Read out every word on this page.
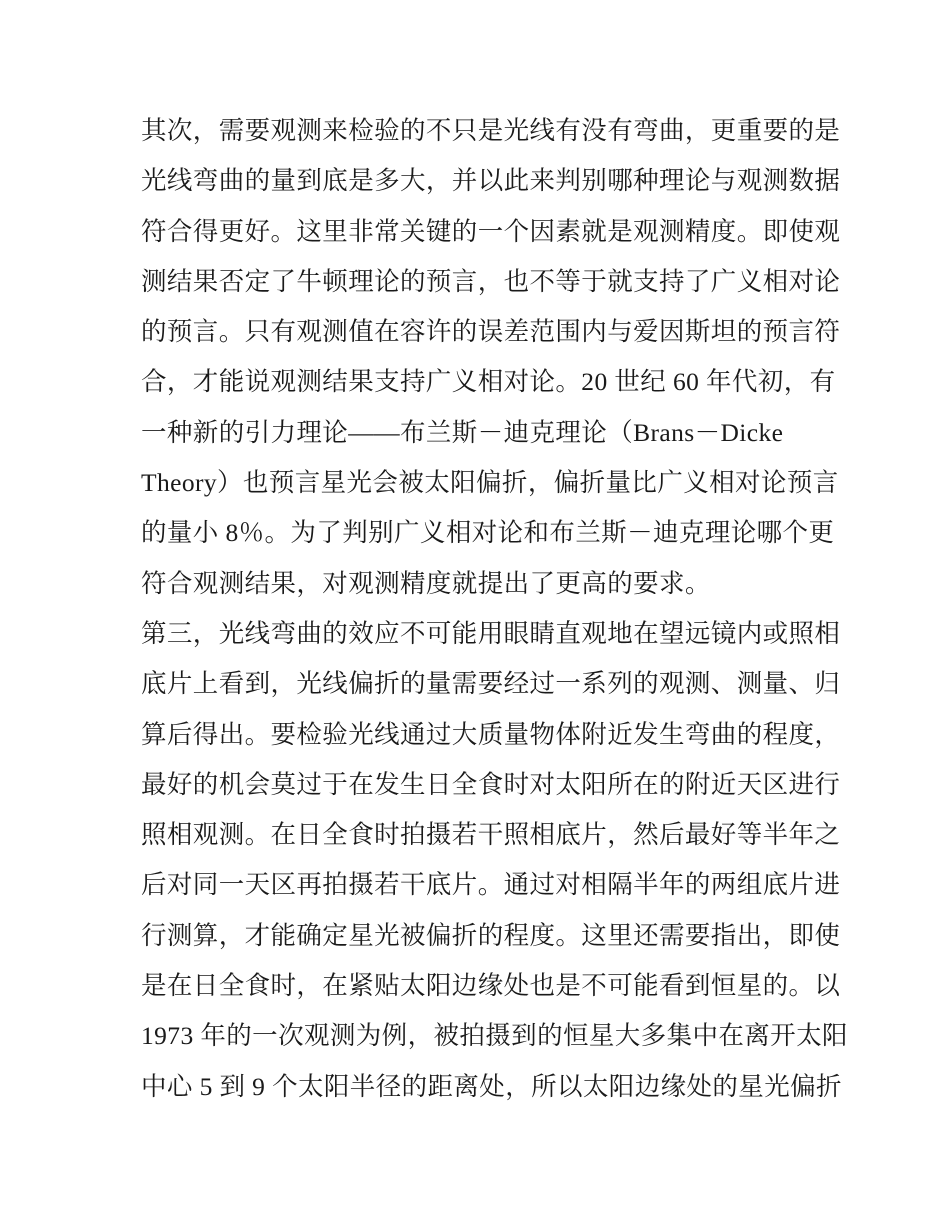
其次，需要观测来检验的不只是光线有没有弯曲，更重要的是
光线弯曲的量到底是多大，并以此来判别哪种理论与观测数据
符合得更好。这里非常关键的一个因素就是观测精度。即使观
测结果否定了牛顿理论的预言，也不等于就支持了广义相对论
的预言。只有观测值在容许的误差范围内与爱因斯坦的预言符
合，才能说观测结果支持广义相对论。20 世纪 60 年代初，有
一种新的引力理论——布兰斯－迪克理论（Brans－Dicke
Theory）也预言星光会被太阳偏折，偏折量比广义相对论预言
的量小 8％。为了判别广义相对论和布兰斯－迪克理论哪个更
符合观测结果，对观测精度就提出了更高的要求。
第三，光线弯曲的效应不可能用眼睛直观地在望远镜内或照相
底片上看到，光线偏折的量需要经过一系列的观测、测量、归
算后得出。要检验光线通过大质量物体附近发生弯曲的程度，
最好的机会莫过于在发生日全食时对太阳所在的附近天区进行
照相观测。在日全食时拍摄若干照相底片，然后最好等半年之
后对同一天区再拍摄若干底片。通过对相隔半年的两组底片进
行测算，才能确定星光被偏折的程度。这里还需要指出，即使
是在日全食时，在紧贴太阳边缘处也是不可能看到恒星的。以
1973 年的一次观测为例，被拍摄到的恒星大多集中在离开太阳
中心 5 到 9 个太阳半径的距离处，所以太阳边缘处的星光偏折
